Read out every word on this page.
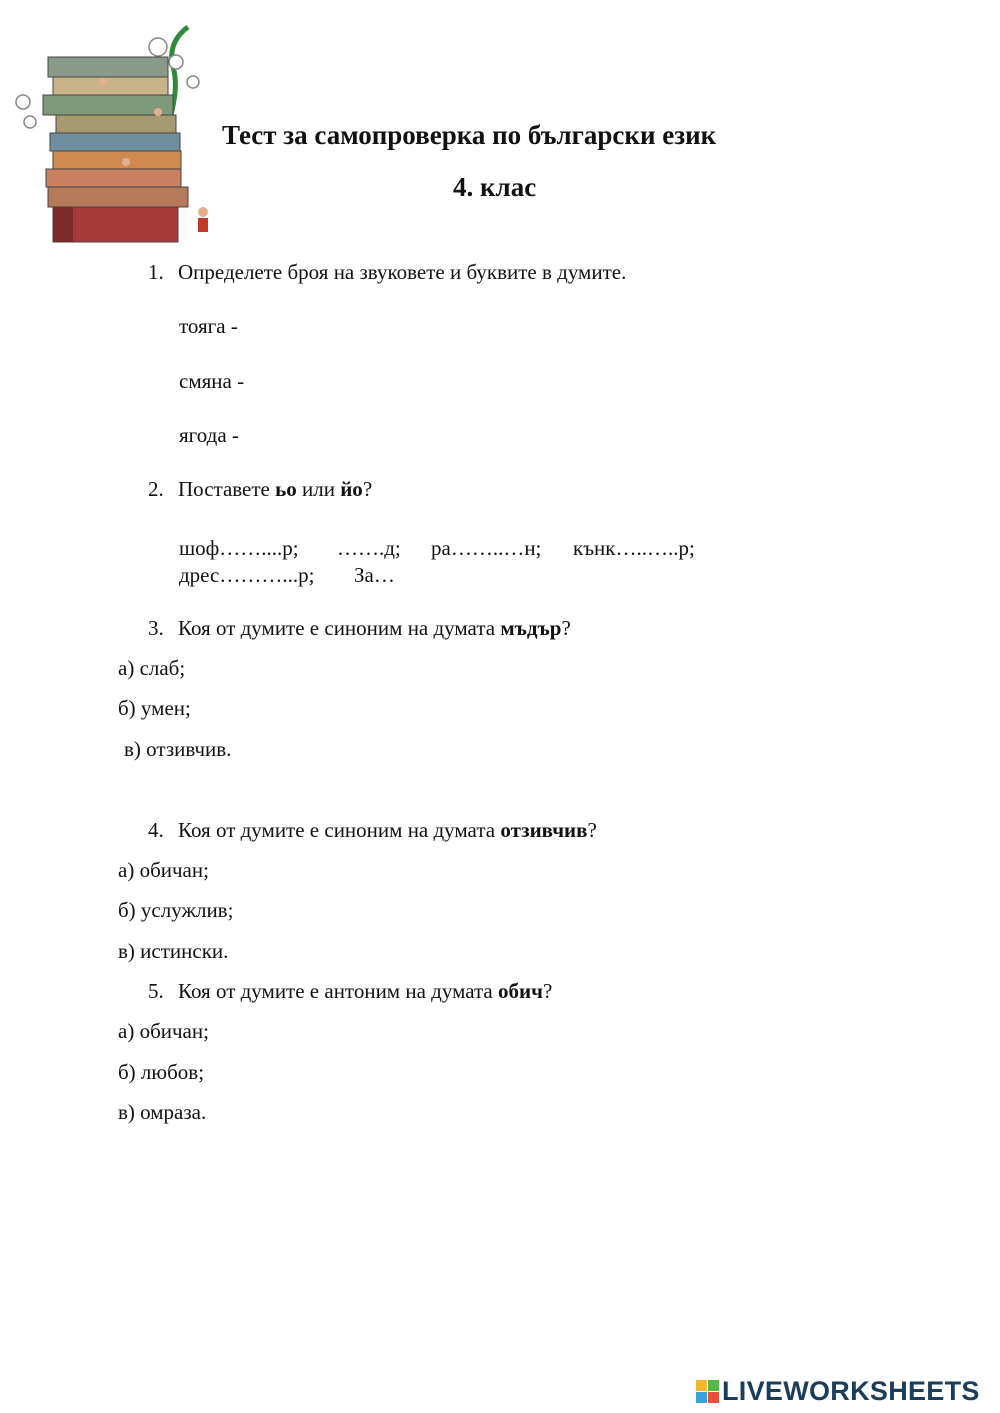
Тест за самопроверка по български език
4. клас
1. Определете броя на звуковете и буквите в думите.
тояга -
смяна -
ягода -
2. Поставете ьо или йо?
шоф……....р; …….д; ра……..…н; кънк…..…..р;
дрес………...р; За…
3. Коя от думите е синоним на думата мъдър?
а) слаб;
б) умен;
в) отзивчив.
4. Коя от думите е синоним на думата отзивчив?
а) обичан;
б) услужлив;
в) истински.
5. Коя от думите е антоним на думата обич?
а) обичан;
б) любов;
в) омраза.
LIVEWORKSHEETS
